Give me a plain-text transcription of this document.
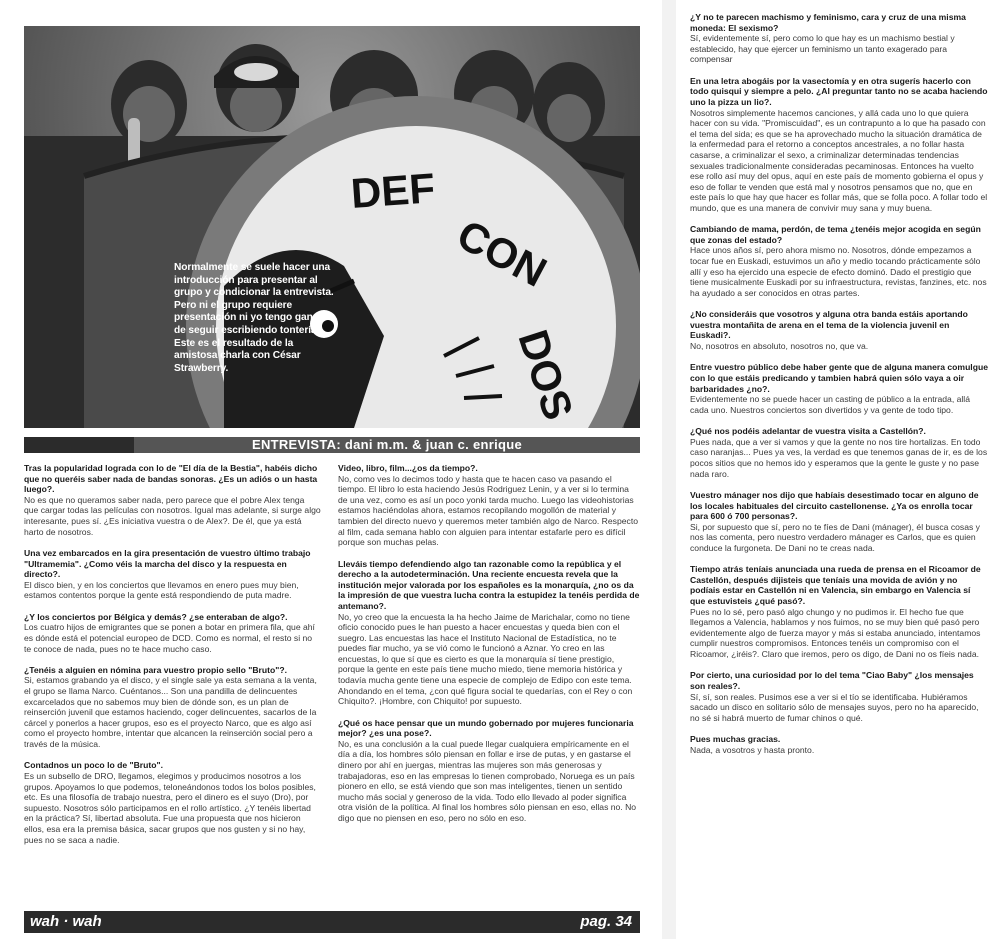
DEF
CON
DOS
Normalmente se suele hacer una introducción para presentar al grupo y condicionar la entrevista. Pero ni el grupo requiere presentación ni yo tengo ganas de seguir escribiendo tonterías. Este es el resultado de la amistosa charla con César Strawberry.
ENTREVISTA: dani m.m. & juan c. enrique

Tras la popularidad lograda con lo de "El día de la Bestia", habéis dicho que no queréis saber nada de bandas sonoras. ¿Es un adiós o un hasta luego?.

No es que no queramos saber nada, pero parece que el pobre Alex tenga que cargar todas las películas con nosotros. Igual mas adelante, si surge algo interesante, pues sí. ¿Es iniciativa vuestra o de Alex?. De él, que ya está harto de nosotros.

Una vez embarcados en la gira presentación de vuestro último trabajo "Ultramemia". ¿Como véis la marcha del disco y la respuesta en directo?.

El disco bien, y en los conciertos que llevamos en enero pues muy bien, estamos contentos porque la gente está respondiendo de puta madre.

¿Y los conciertos por Bélgica y demás? ¿se enteraban de algo?.

Los cuatro hijos de emigrantes que se ponen a botar en primera fila, que ahí es dónde está el potencial europeo de DCD. Como es normal, el resto si no te conoce de nada, pues no te hace mucho caso.

¿Tenéis a alguien en nómina para vuestro propio sello "Bruto"?.

Si, estamos grabando ya el disco, y el single sale ya esta semana a la venta, el grupo se llama Narco. Cuéntanos... Son una pandilla de delincuentes excarcelados que no sabemos muy bien de dónde son, es un plan de reinserción juvenil que estamos haciendo, coger delincuentes, sacarlos de la cárcel y ponerlos a hacer grupos, eso es el proyecto Narco, que es algo así como el proyecto hombre, intentar que alcancen la reinserción social pero a través de la música.

Contadnos un poco lo de "Bruto".

Es un subsello de DRO, llegamos, elegimos y producimos nosotros a los grupos. Apoyamos lo que podemos, teloneándonos todos los bolos posibles, etc. Es una filosofía de trabajo nuestra, pero el dinero es el suyo (Dro), por supuesto. Nosotros sólo participamos en el rollo artístico. ¿Y tenéis libertad en la práctica? Sí, libertad absoluta. Fue una propuesta que nos hicieron ellos, esa era la premisa básica, sacar grupos que nos gusten y si no hay, pues no se saca a nadie.

Video, libro, film...¿os da tiempo?.

No, como ves lo decimos todo y hasta que te hacen caso va pasando el tiempo. El libro lo esta haciendo Jesús Rodriguez Lenin, y a ver si lo termina de una vez, como es así un poco yonki tarda mucho. Luego las videohistorias estamos haciéndolas ahora, estamos recopilando mogollón de material y tambien del directo nuevo y queremos meter también algo de Narco. Respecto al film, cada semana hablo con alguien para intentar estafarle pero es difícil porque son muchas pelas.

Lleváis tiempo defendiendo algo tan razonable como la república y el derecho a la autodeterminación. Una reciente encuesta revela que la institución mejor valorada por los españoles es la monarquía, ¿no os da la impresión de que vuestra lucha contra la estupidez la tenéis perdida de antemano?.

No, yo creo que la encuesta la ha hecho Jaime de Marichalar, como no tiene oficio conocido pues le han puesto a hacer encuestas y queda bien con el suegro. Las encuestas las hace el Instituto Nacional de Estadística, no te puedes fiar mucho, ya se vió como le funcionó a Aznar. Yo creo en las encuestas, lo que sí que es cierto es que la monarquía sí tiene prestigio, porque la gente en este país tiene mucho miedo, tiene memoria histórica y todavía mucha gente tiene una especie de complejo de Edipo con este tema. Ahondando en el tema, ¿con qué figura social te quedarías, con el Rey o con Chiquito?. ¡Hombre, con Chiquito! por supuesto.

¿Qué os hace pensar que un mundo gobernado por mujeres funcionaria mejor? ¿es una pose?.

No, es una conclusión a la cual puede llegar cualquiera empíricamente en el día a día, los hombres sólo piensan en follar e irse de putas, y en gastarse el dinero por ahí en juergas, mientras las mujeres son más generosas y trabajadoras, eso en las empresas lo tienen comprobado, Noruega es un país pionero en ello, se está viendo que son mas inteligentes, tienen un sentido mucho más social y generoso de la vida. Todo ello llevado al poder significa otra visión de la política. Al final los hombres sólo piensan en eso, ellas no. No digo que no piensen en eso, pero no sólo en eso.

¿Y no te parecen machismo y feminismo, cara y cruz de una misma moneda: El sexismo?

Sí, evidentemente sí, pero como lo que hay es un machismo bestial y establecido, hay que ejercer un feminismo un tanto exagerado para compensar

En una letra abogáis por la vasectomía y en otra sugerís hacerlo con todo quisqui y siempre a pelo. ¿Al preguntar tanto no se acaba haciendo uno la pizza un lio?.

Nosotros simplemente hacemos canciones, y allá cada uno lo que quiera hacer con su vida. "Promiscuidad", es un contrapunto a lo que ha pasado con el tema del sida; es que se ha aprovechado mucho la situación dramática de la enfermedad para el retorno a conceptos ancestrales, a no follar hasta casarse, a criminalizar el sexo, a criminalizar determinadas tendencias sexuales tradicionalmente consideradas pecaminosas. Entonces ha vuelto ese rollo así muy del opus, aquí en este país de momento gobierna el opus y eso de follar te venden que está mal y nosotros pensamos que no, que en este país lo que hay que hacer es follar más, que se folla poco. A follar todo el mundo, que es una manera de convivir muy sana y muy buena.

Cambiando de mama, perdón, de tema ¿tenéis mejor acogida en según que zonas del estado?

Hace unos años sí, pero ahora mismo no. Nosotros, dónde empezamos a tocar fue en Euskadi, estuvimos un año y medio tocando prácticamente sólo allí y eso ha ejercido una especie de efecto dominó. Dado el prestigio que tiene musicalmente Euskadi por su infraestructura, revistas, fanzines, etc. nos ha ayudado a ser conocidos en otras partes.

¿No consideráis que vosotros y alguna otra banda estáis aportando vuestra montañita de arena en el tema de la violencia juvenil en Euskadi?.

No, nosotros en absoluto, nosotros no, que va.

Entre vuestro público debe haber gente que de alguna manera comulgue con lo que estáis predicando y tambien habrá quien sólo vaya a oir barbaridades ¿no?.

Evidentemente no se puede hacer un casting de público a la entrada, allá cada uno. Nuestros conciertos son divertidos y va gente de todo tipo.

¿Qué nos podéis adelantar de vuestra visita a Castellón?.

Pues nada, que a ver si vamos y que la gente no nos tire hortalizas. En todo caso naranjas... Pues ya ves, la verdad es que tenemos ganas de ir, es de los pocos sitios que no hemos ido y esperamos que la gente le guste y no pase nada raro.

Vuestro mánager nos dijo que habíais desestimado tocar en alguno de los locales habituales del circuito castellonense. ¿Ya os enrolla tocar para 600 ó 700 personas?.

Si, por supuesto que sí, pero no te fíes de Dani (mánager), él busca cosas y nos las comenta, pero nuestro verdadero mánager es Carlos, que es quien conduce la furgoneta. De Dani no te creas nada.

Tiempo atrás teníais anunciada una rueda de prensa en el Ricoamor de Castellón, después dijisteis que teníais una movida de avión y no podíais estar en Castellón ni en Valencia, sin embargo en Valencia sí que estuvisteis ¿qué pasó?.

Pues no lo sé, pero pasó algo chungo y no pudimos ir. El hecho fue que llegamos a Valencia, hablamos y nos fuimos, no se muy bien qué pasó pero evidentemente algo de fuerza mayor y más si estaba anunciado, intentamos cumplir nuestros compromisos. Entonces tenéis un compromiso con el Ricoamor, ¿iréis?. Claro que iremos, pero os digo, de Dani no os fíeis nada.

Por cierto, una curiosidad por lo del tema "Ciao Baby" ¿los mensajes son reales?.

Sí, sí, son reales. Pusimos ese a ver si el tío se identificaba. Hubiéramos sacado un disco en solitario sólo de mensajes suyos, pero no ha aparecido, no sé si habrá muerto de fumar chinos o qué.

Pues muchas gracias.

Nada, a vosotros y hasta pronto.

wah · wah	pag. 34
